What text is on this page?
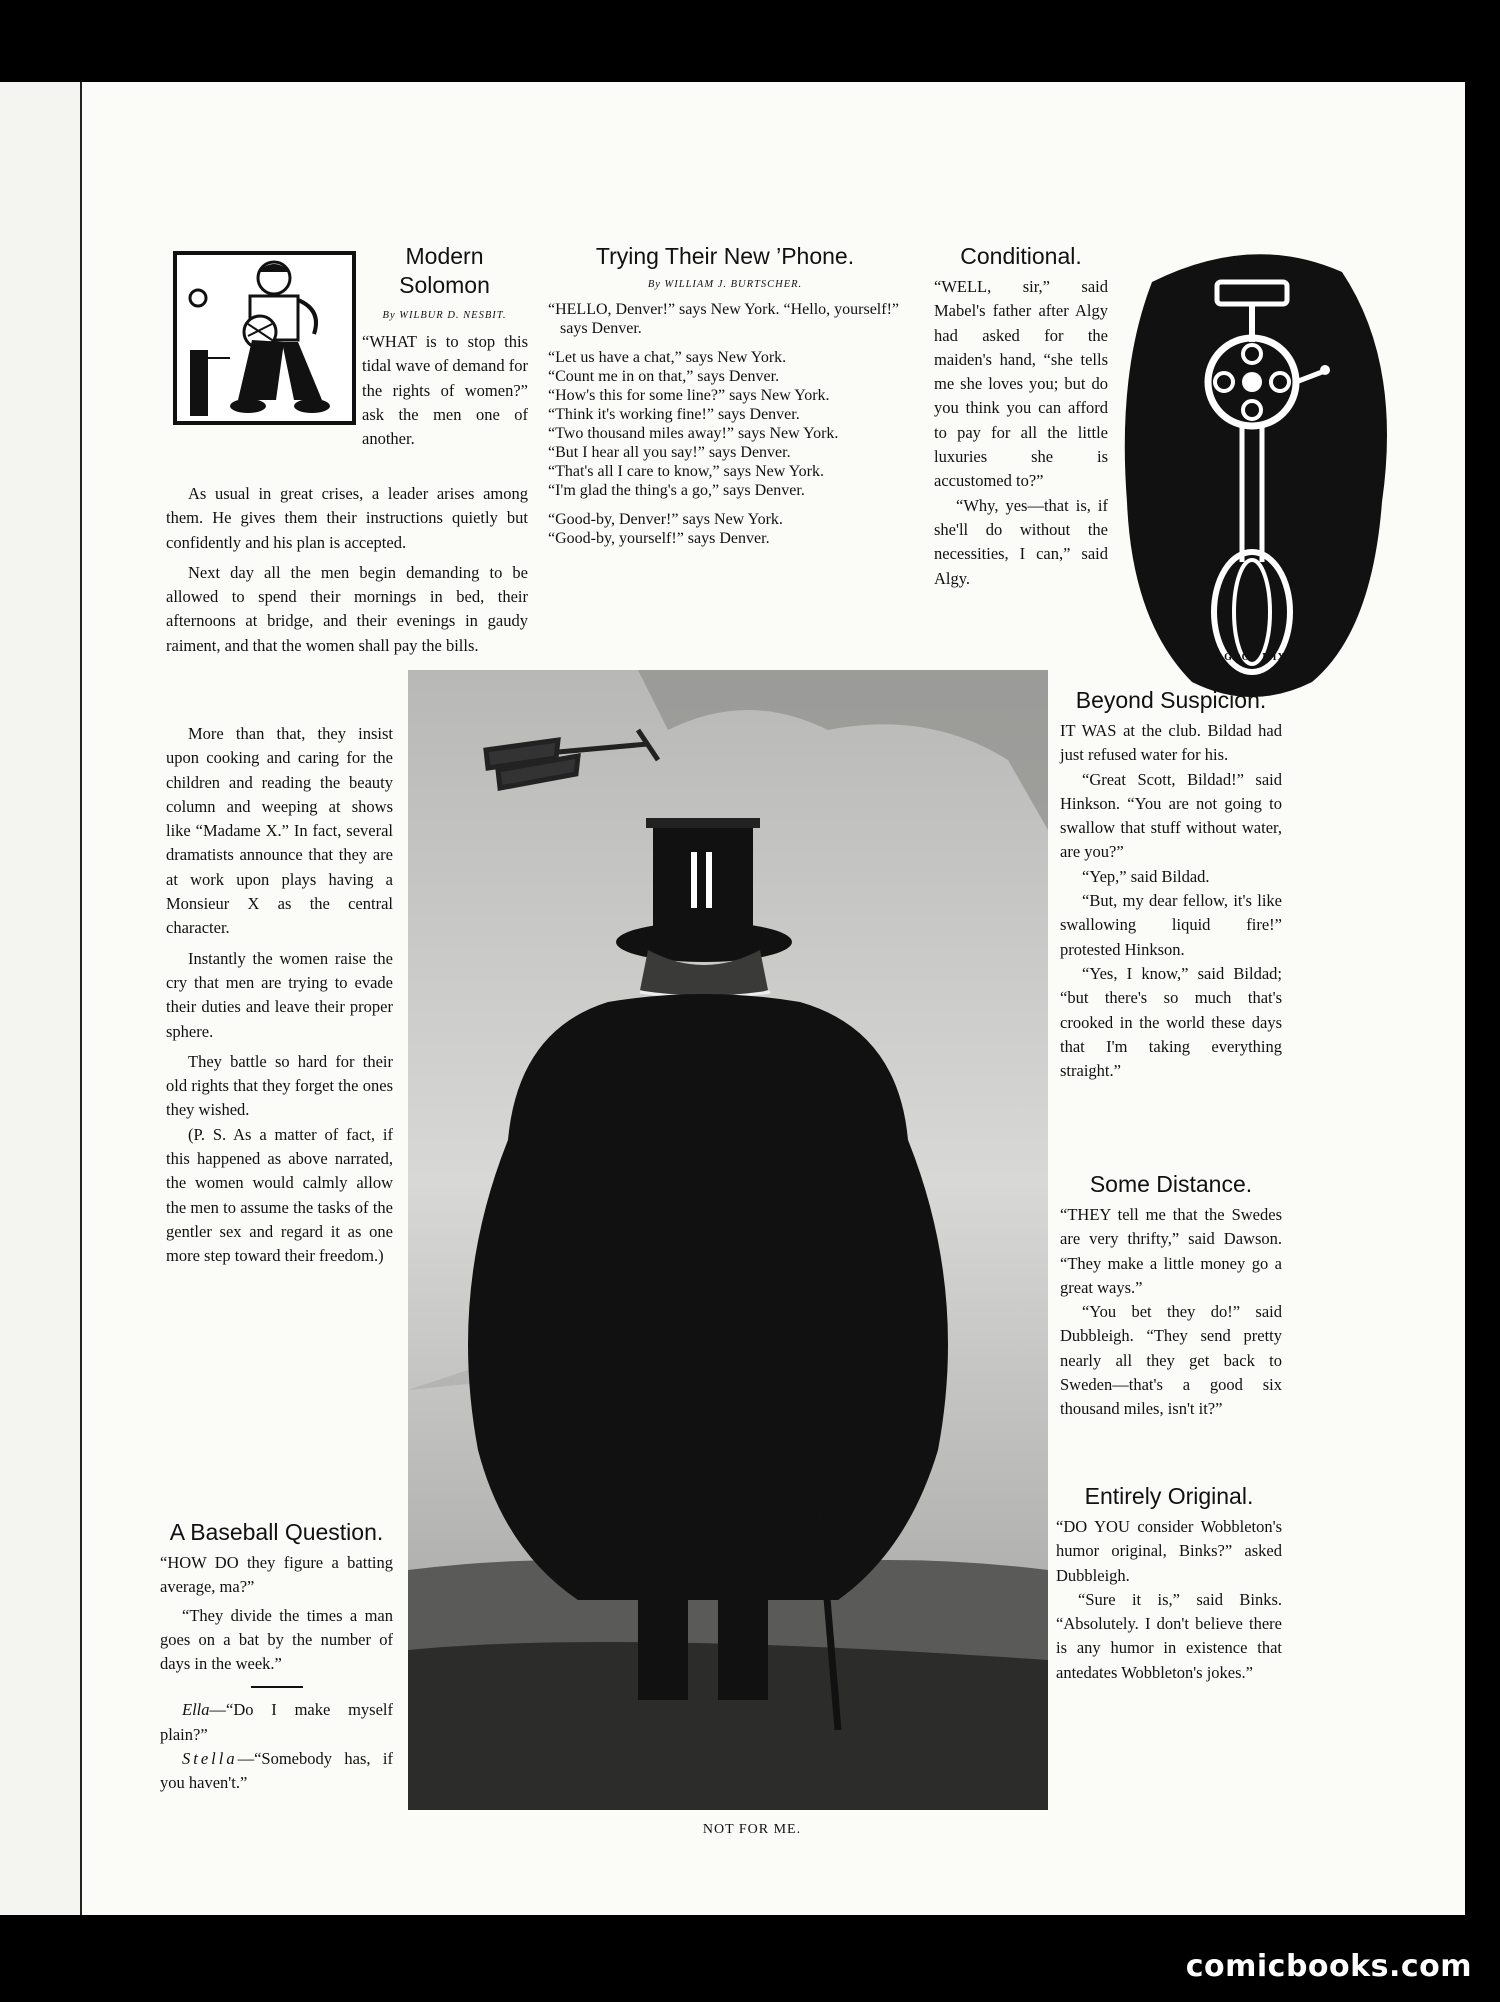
Modern Solomon
By WILBUR D. NESBIT.

“WHAT is to stop this tidal wave of demand for the rights of women?” ask the men one of another.

As usual in great crises, a leader arises among them. He gives them their instructions quietly but confidently and his plan is accepted.

Next day all the men begin demanding to be allowed to spend their mornings in bed, their afternoons at bridge, and their evenings in gaudy raiment, and that the women shall pay the bills.

More than that, they insist upon cooking and caring for the children and reading the beauty column and weeping at shows like “Madame X.” In fact, several dramatists announce that they are at work upon plays having a Monsieur X as the central character.

Instantly the women raise the cry that men are trying to evade their duties and leave their proper sphere.

They battle so hard for their old rights that they forget the ones they wished.

(P. S. As a matter of fact, if this happened as above narrated, the women would calmly allow the men to assume the tasks of the gentler sex and regard it as one more step toward their freedom.)

A Baseball Question.

“HOW DO they figure a batting average, ma?”

“They divide the times a man goes on a bat by the number of days in the week.”

Ella—“Do I make myself plain?”

Stella—“Somebody has, if you haven't.”

Trying Their New ’Phone.
By WILLIAM J. BURTSCHER.

“HELLO, Denver!” says New York. “Hello, yourself!” says Denver.

“Let us have a chat,” says New York.

“Count me in on that,” says Denver.

“How's this for some line?” says New York.

“Think it's working fine!” says Denver.

“Two thousand miles away!” says New York.

“But I hear all you say!” says Denver.

“That's all I care to know,” says New York.

“I'm glad the thing's a go,” says Denver.

“Good-by, Denver!” says New York.

“Good-by, yourself!” says Denver.

Conditional.

“WELL, sir,” said Mabel's father after Algy had asked for the maiden's hand, “she tells me she loves you; but do you think you can afford to pay for all the little luxuries she is accustomed to?”

“Why, yes—that is, if she'll do without the necessities, I can,” said Algy.

A GOOD MIXER.
NOT FOR ME.
Beyond Suspicion.

IT WAS at the club. Bildad had just refused water for his.

“Great Scott, Bildad!” said Hinkson. “You are not going to swallow that stuff without water, are you?”

“Yep,” said Bildad.

“But, my dear fellow, it's like swallowing liquid fire!” protested Hinkson.

“Yes, I know,” said Bildad; “but there's so much that's crooked in the world these days that I'm taking everything straight.”

Some Distance.

“THEY tell me that the Swedes are very thrifty,” said Dawson. “They make a little money go a great ways.”

“You bet they do!” said Dubbleigh. “They send pretty nearly all they get back to Sweden—that's a good six thousand miles, isn't it?”

Entirely Original.

“DO YOU consider Wobbleton's humor original, Binks?” asked Dubbleigh.

“Sure it is,” said Binks. “Absolutely. I don't believe there is any humor in existence that antedates Wobbleton's jokes.”

comicbooks.com
